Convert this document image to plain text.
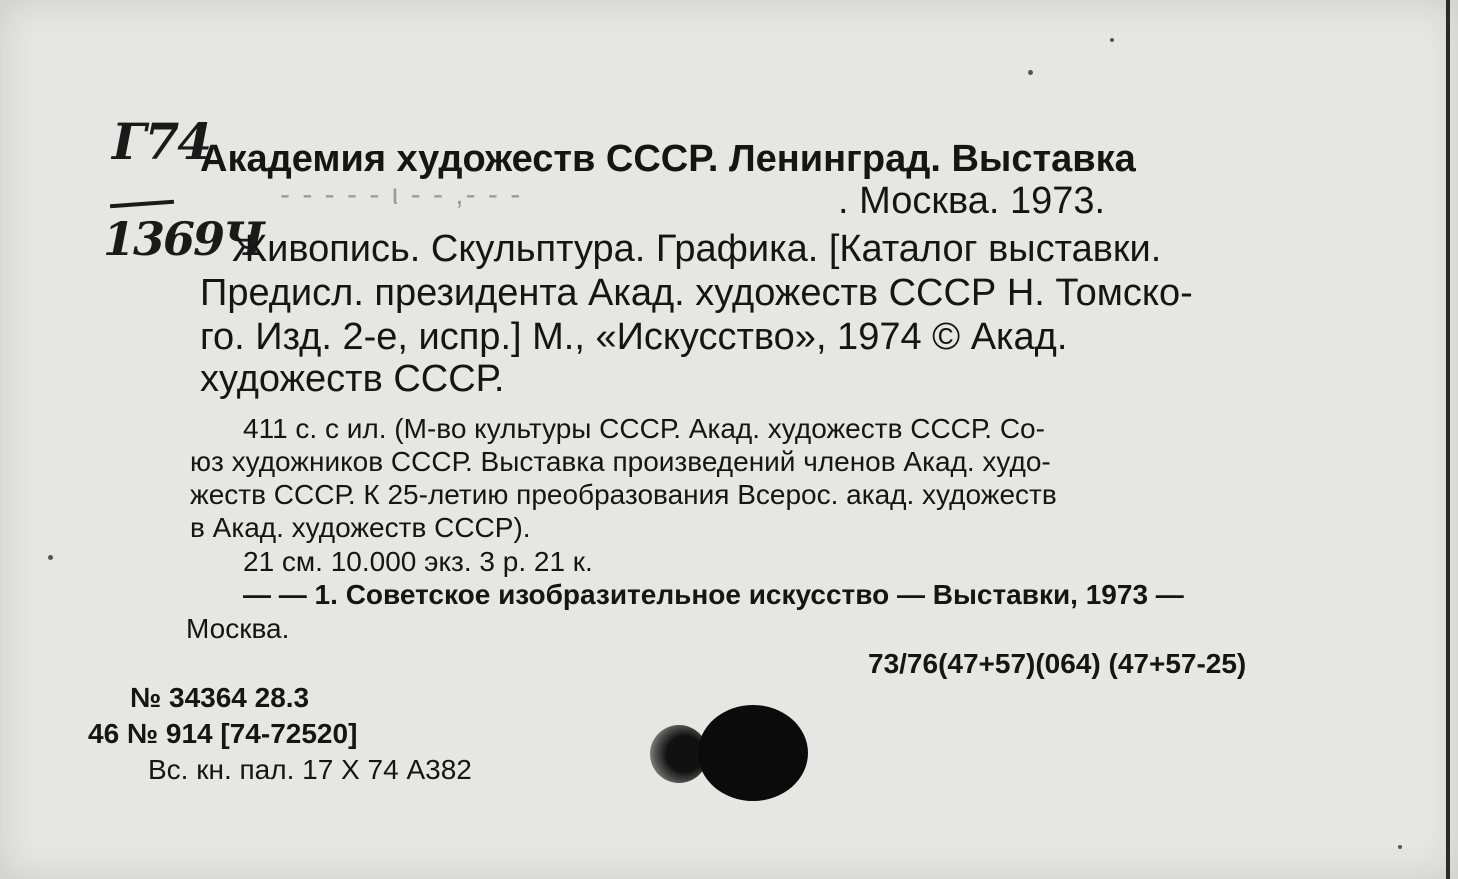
Г74
1369Ч
Академия художеств СССР. Ленинград. Выставка
- - - - - ι - - ,- - -	. Москва. 1973.
Живопись. Скульптура. Графика. [Каталог выставки.
Предисл. президента Акад. художеств СССР Н. Томско-
го. Изд. 2-е, испр.] М., «Искусство», 1974 © Акад.
художеств СССР.
411 с. с ил. (М-во культуры СССР. Акад. художеств СССР. Со-
юз художников СССР. Выставка произведений членов Акад. худо-
жеств СССР. К 25-летию преобразования Всерос. акад. художеств
в Акад. художеств СССР).
21 см. 10.000 экз. 3 р. 21 к.
— — 1. Советское изобразительное искусство — Выставки, 1973 —
Москва.
73/76(47+57)(064) (47+57-25)
№ 34364 28.3
46 № 914 [74-72520]
Вс. кн. пал. 17 X 74 А382
